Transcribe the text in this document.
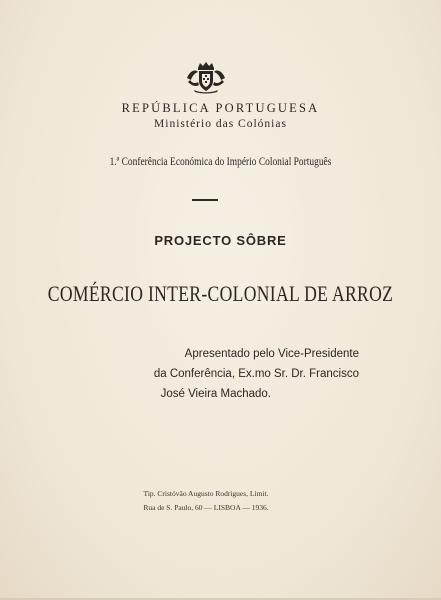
REPÚBLICA PORTUGUESA
Ministério das Colónias
1.ª Conferência Económica do Império Colonial Português
PROJECTO SÔBRE
COMÉRCIO INTER-COLONIAL DE ARROZ
Apresentado pelo Vice-Presidente
da Conferência, Ex.mo Sr. Dr. Francisco
José Vieira Machado.
Tip. Cristóvão Augusto Rodrigues, Limit.
Rua de S. Paulo, 60 — LISBOA — 1936.
